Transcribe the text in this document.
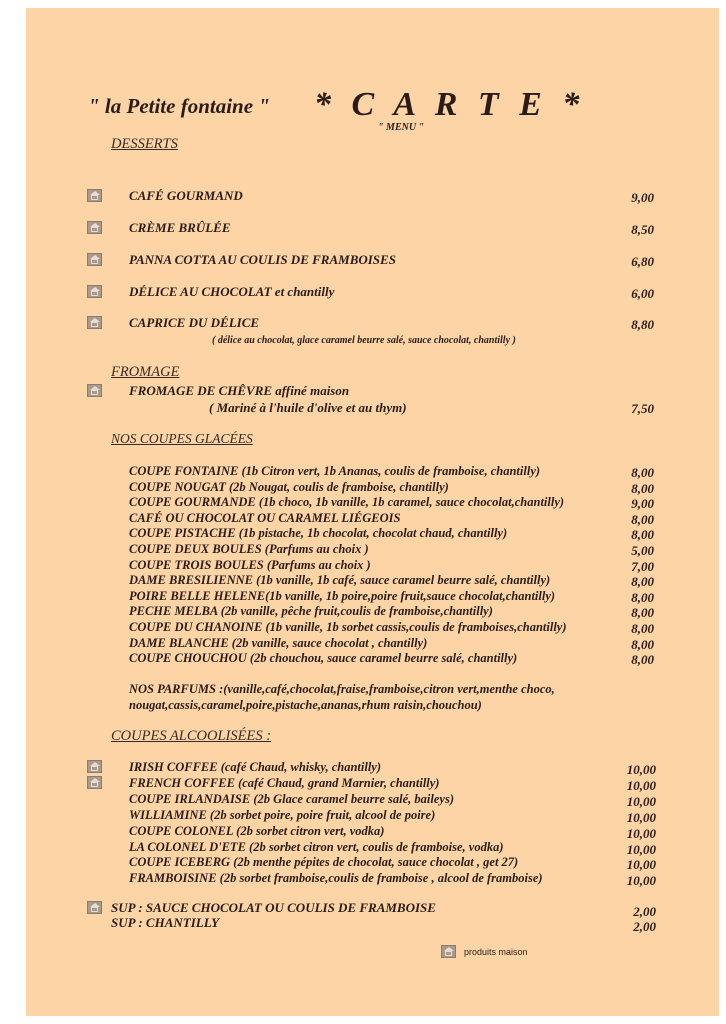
" la Petite fontaine " * C A R T E *
" MENU "
DESSERTS
CAFÉ GOURMAND	9,00
CRÈME BRÛLÉE	8,50
PANNA COTTA AU COULIS DE FRAMBOISES	6,80
DÉLICE AU CHOCOLAT et chantilly	6,00
CAPRICE DU DÉLICE	8,80
( délice au chocolat, glace caramel beurre salé, sauce chocolat, chantilly )
FROMAGE
FROMAGE DE CHÊVRE affiné maison
( Mariné à l'huile d'olive et au thym)	7,50
NOS COUPES GLACÉES
COUPE FONTAINE (1b Citron vert, 1b Ananas, coulis de framboise, chantilly)	8,00
COUPE NOUGAT (2b Nougat, coulis de framboise, chantilly)	8,00
COUPE GOURMANDE (1b choco, 1b vanille, 1b caramel, sauce chocolat,chantilly)	9,00
CAFÉ OU CHOCOLAT OU CARAMEL LIÉGEOIS	8,00
COUPE PISTACHE (1b pistache, 1b chocolat, chocolat chaud, chantilly)	8,00
COUPE DEUX BOULES (Parfums au choix )	5,00
COUPE TROIS BOULES (Parfums au choix )	7,00
DAME BRESILIENNE (1b vanille, 1b café, sauce caramel beurre salé, chantilly)	8,00
POIRE BELLE HELENE(1b vanille, 1b poire,poire fruit,sauce chocolat,chantilly)	8,00
PECHE MELBA (2b vanille, pêche fruit,coulis de framboise,chantilly)	8,00
COUPE DU CHANOINE (1b vanille, 1b sorbet cassis,coulis de framboises,chantilly)	8,00
DAME BLANCHE (2b vanille, sauce chocolat , chantilly)	8,00
COUPE CHOUCHOU (2b chouchou, sauce caramel beurre salé, chantilly)	8,00
NOS PARFUMS :(vanille,café,chocolat,fraise,framboise,citron vert,menthe choco,
nougat,cassis,caramel,poire,pistache,ananas,rhum raisin,chouchou)
COUPES ALCOOLISÉES :
IRISH COFFEE (café Chaud, whisky, chantilly)	10,00
FRENCH COFFEE (café Chaud, grand Marnier, chantilly)	10,00
COUPE IRLANDAISE (2b Glace caramel beurre salé, baileys)	10,00
WILLIAMINE (2b sorbet poire, poire fruit, alcool de poire)	10,00
COUPE COLONEL (2b sorbet citron vert, vodka)	10,00
LA COLONEL D'ETE (2b sorbet citron vert, coulis de framboise, vodka)	10,00
COUPE ICEBERG (2b menthe pépites de chocolat, sauce chocolat , get 27)	10,00
FRAMBOISINE (2b sorbet framboise,coulis de framboise , alcool de framboise)	10,00
SUP : SAUCE CHOCOLAT OU COULIS DE FRAMBOISE	2,00
SUP : CHANTILLY	2,00
produits maison
